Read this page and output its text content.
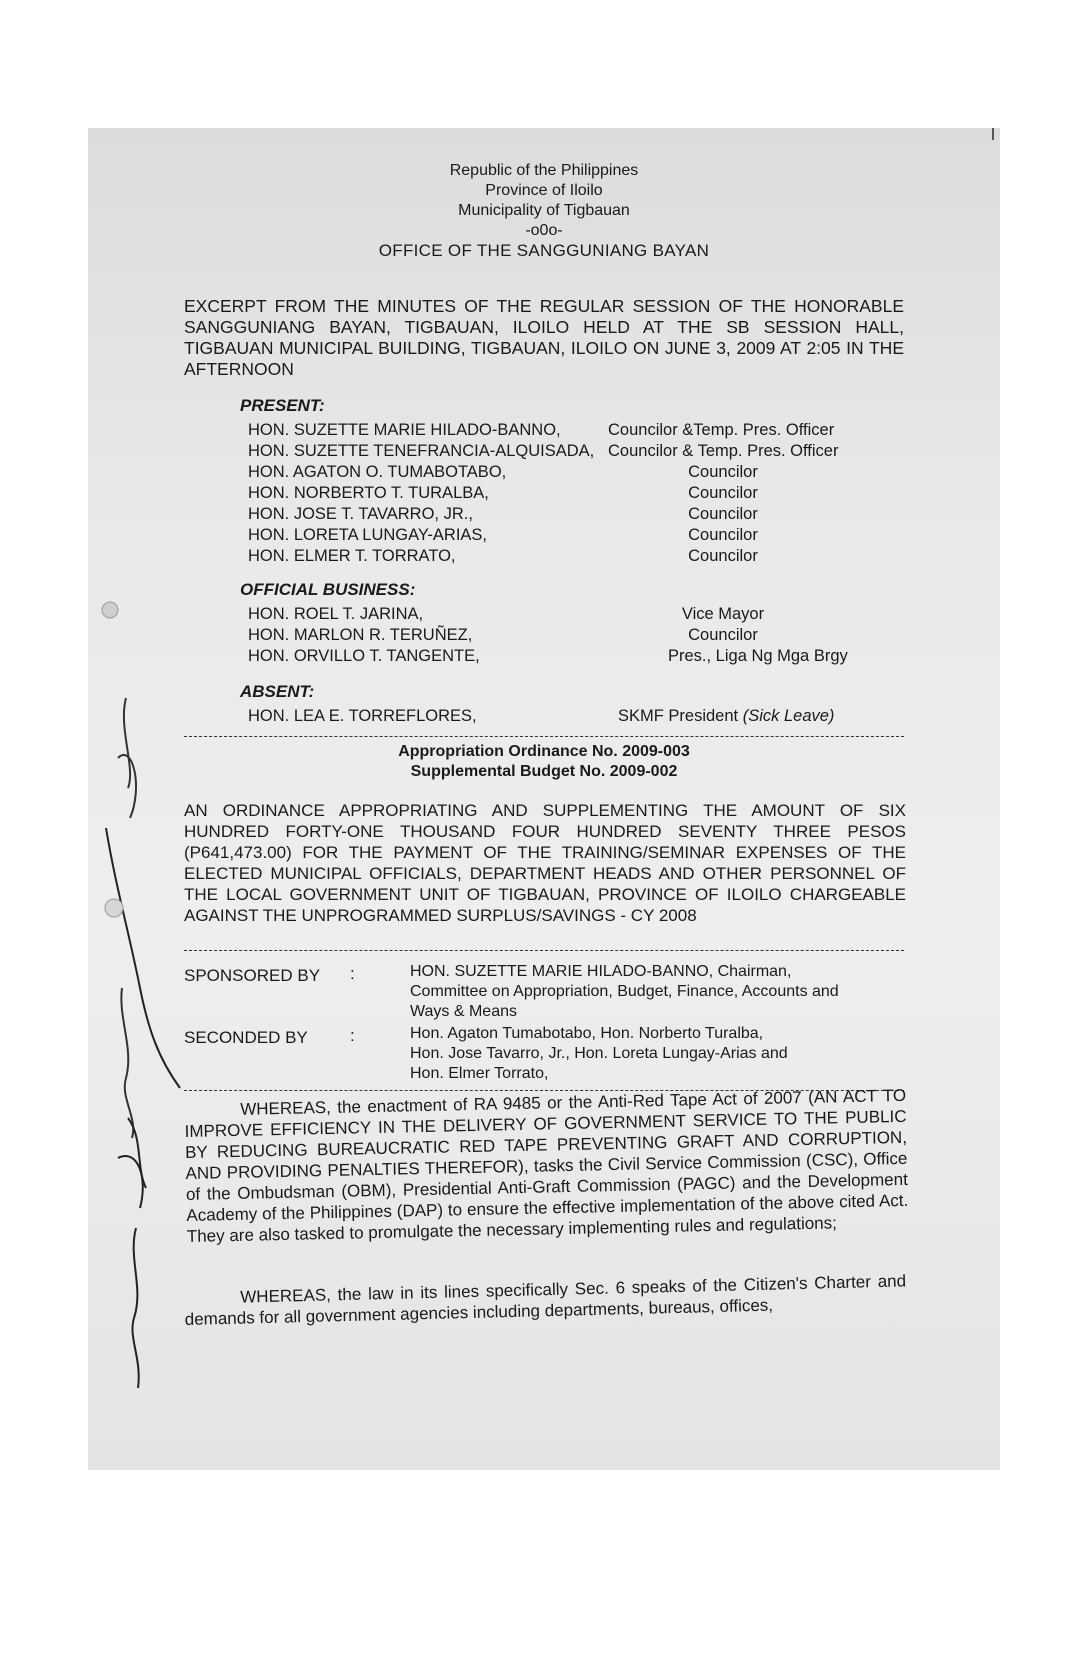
Republic of the Philippines
Province of Iloilo
Municipality of Tigbauan
-o0o-
OFFICE OF THE SANGGUNIANG BAYAN
EXCERPT FROM THE MINUTES OF THE REGULAR SESSION OF THE HONORABLE SANGGUNIANG BAYAN, TIGBAUAN, ILOILO HELD AT THE SB SESSION HALL, TIGBAUAN MUNICIPAL BUILDING, TIGBAUAN, ILOILO ON JUNE 3, 2009 AT 2:05 IN THE AFTERNOON
PRESENT:
HON. SUZETTE MARIE HILADO-BANNO,	Councilor &Temp. Pres. Officer
HON. SUZETTE TENEFRANCIA-ALQUISADA, Councilor & Temp. Pres. Officer
HON. AGATON O. TUMABOTABO,	Councilor
HON. NORBERTO T. TURALBA,	Councilor
HON. JOSE T. TAVARRO, JR.,	Councilor
HON. LORETA LUNGAY-ARIAS,	Councilor
HON. ELMER T. TORRATO,	Councilor
OFFICIAL BUSINESS:
HON. ROEL T. JARINA,	Vice Mayor
HON. MARLON R. TERUÑEZ,	Councilor
HON. ORVILLO T. TANGENTE,	Pres., Liga Ng Mga Brgy
ABSENT:
HON. LEA E. TORREFLORES,	SKMF President (Sick Leave)
Appropriation Ordinance No. 2009-003
Supplemental Budget No. 2009-002
AN ORDINANCE APPROPRIATING AND SUPPLEMENTING THE AMOUNT OF SIX HUNDRED FORTY-ONE THOUSAND FOUR HUNDRED SEVENTY THREE PESOS (P641,473.00) FOR THE PAYMENT OF THE TRAINING/SEMINAR EXPENSES OF THE ELECTED MUNICIPAL OFFICIALS, DEPARTMENT HEADS AND OTHER PERSONNEL OF THE LOCAL GOVERNMENT UNIT OF TIGBAUAN, PROVINCE OF ILOILO CHARGEABLE AGAINST THE UNPROGRAMMED SURPLUS/SAVINGS - CY 2008
SPONSORED BY :	HON. SUZETTE MARIE HILADO-BANNO, Chairman,
Committee on Appropriation, Budget, Finance, Accounts and
Ways & Means
SECONDED BY :	Hon. Agaton Tumabotabo, Hon. Norberto Turalba,
Hon. Jose Tavarro, Jr., Hon. Loreta Lungay-Arias and
Hon. Elmer Torrato,
WHEREAS, the enactment of RA 9485 or the Anti-Red Tape Act of 2007 (AN ACT TO IMPROVE EFFICIENCY IN THE DELIVERY OF GOVERNMENT SERVICE TO THE PUBLIC BY REDUCING BUREAUCRATIC RED TAPE PREVENTING GRAFT AND CORRUPTION, AND PROVIDING PENALTIES THEREFOR), tasks the Civil Service Commission (CSC), Office of the Ombudsman (OBM), Presidential Anti-Graft Commission (PAGC) and the Development Academy of the Philippines (DAP) to ensure the effective implementation of the above cited Act. They are also tasked to promulgate the necessary implementing rules and regulations;
WHEREAS, the law in its lines specifically Sec. 6 speaks of the Citizen's Charter and demands for all government agencies including departments, bureaus, offices,
